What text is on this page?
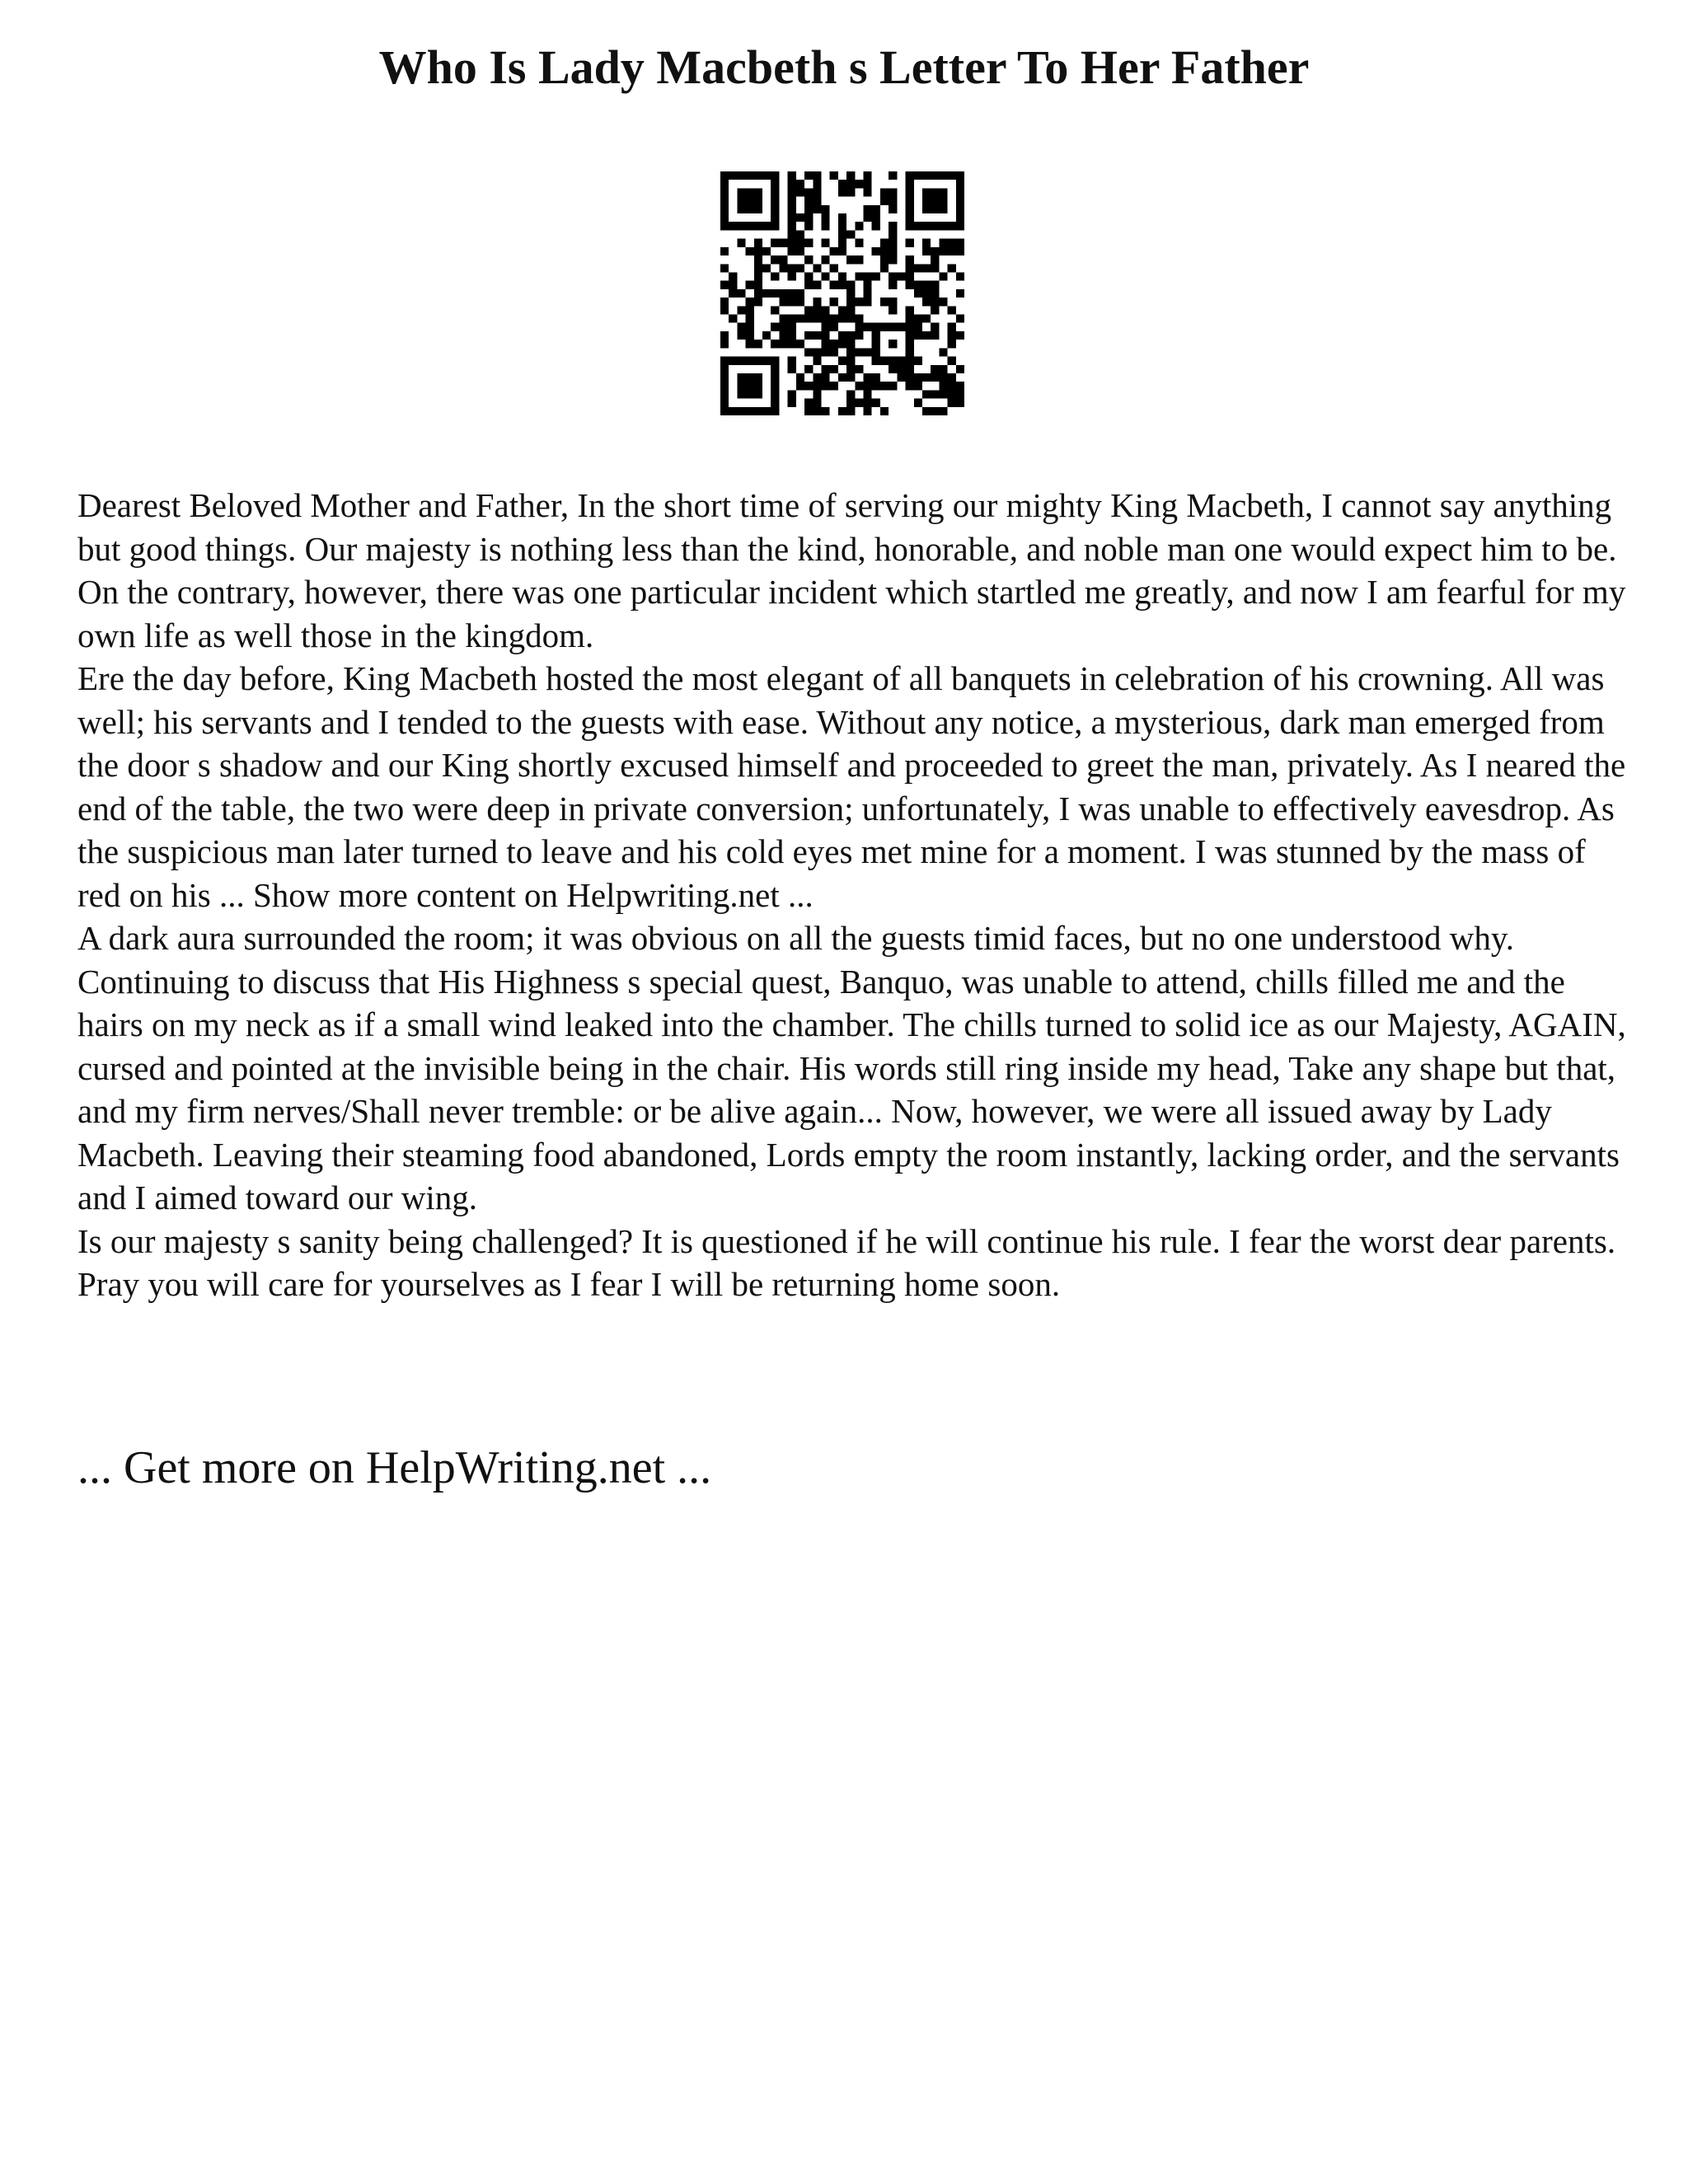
Who Is Lady Macbeth s Letter To Her Father

Dearest Beloved Mother and Father, In the short time of serving our mighty King Macbeth, I cannot say anything but good things. Our majesty is nothing less than the kind, honorable, and noble man one would expect him to be. On the contrary, however, there was one particular incident which startled me greatly, and now I am fearful for my own life as well those in the kingdom.

Ere the day before, King Macbeth hosted the most elegant of all banquets in celebration of his crowning. All was well; his servants and I tended to the guests with ease. Without any notice, a mysterious, dark man emerged from the door s shadow and our King shortly excused himself and proceeded to greet the man, privately. As I neared the end of the table, the two were deep in private conversion; unfortunately, I was unable to effectively eavesdrop. As the suspicious man later turned to leave and his cold eyes met mine for a moment. I was stunned by the mass of red on his ... Show more content on Helpwriting.net ...

A dark aura surrounded the room; it was obvious on all the guests timid faces, but no one understood why. Continuing to discuss that His Highness s special quest, Banquo, was unable to attend, chills filled me and the hairs on my neck as if a small wind leaked into the chamber. The chills turned to solid ice as our Majesty, AGAIN, cursed and pointed at the invisible being in the chair. His words still ring inside my head, Take any shape but that, and my firm nerves/Shall never tremble: or be alive again... Now, however, we were all issued away by Lady Macbeth. Leaving their steaming food abandoned, Lords empty the room instantly, lacking order, and the servants and I aimed toward our wing.

Is our majesty s sanity being challenged? It is questioned if he will continue his rule. I fear the worst dear parents. Pray you will care for yourselves as I fear I will be returning home soon.

... Get more on HelpWriting.net ...
